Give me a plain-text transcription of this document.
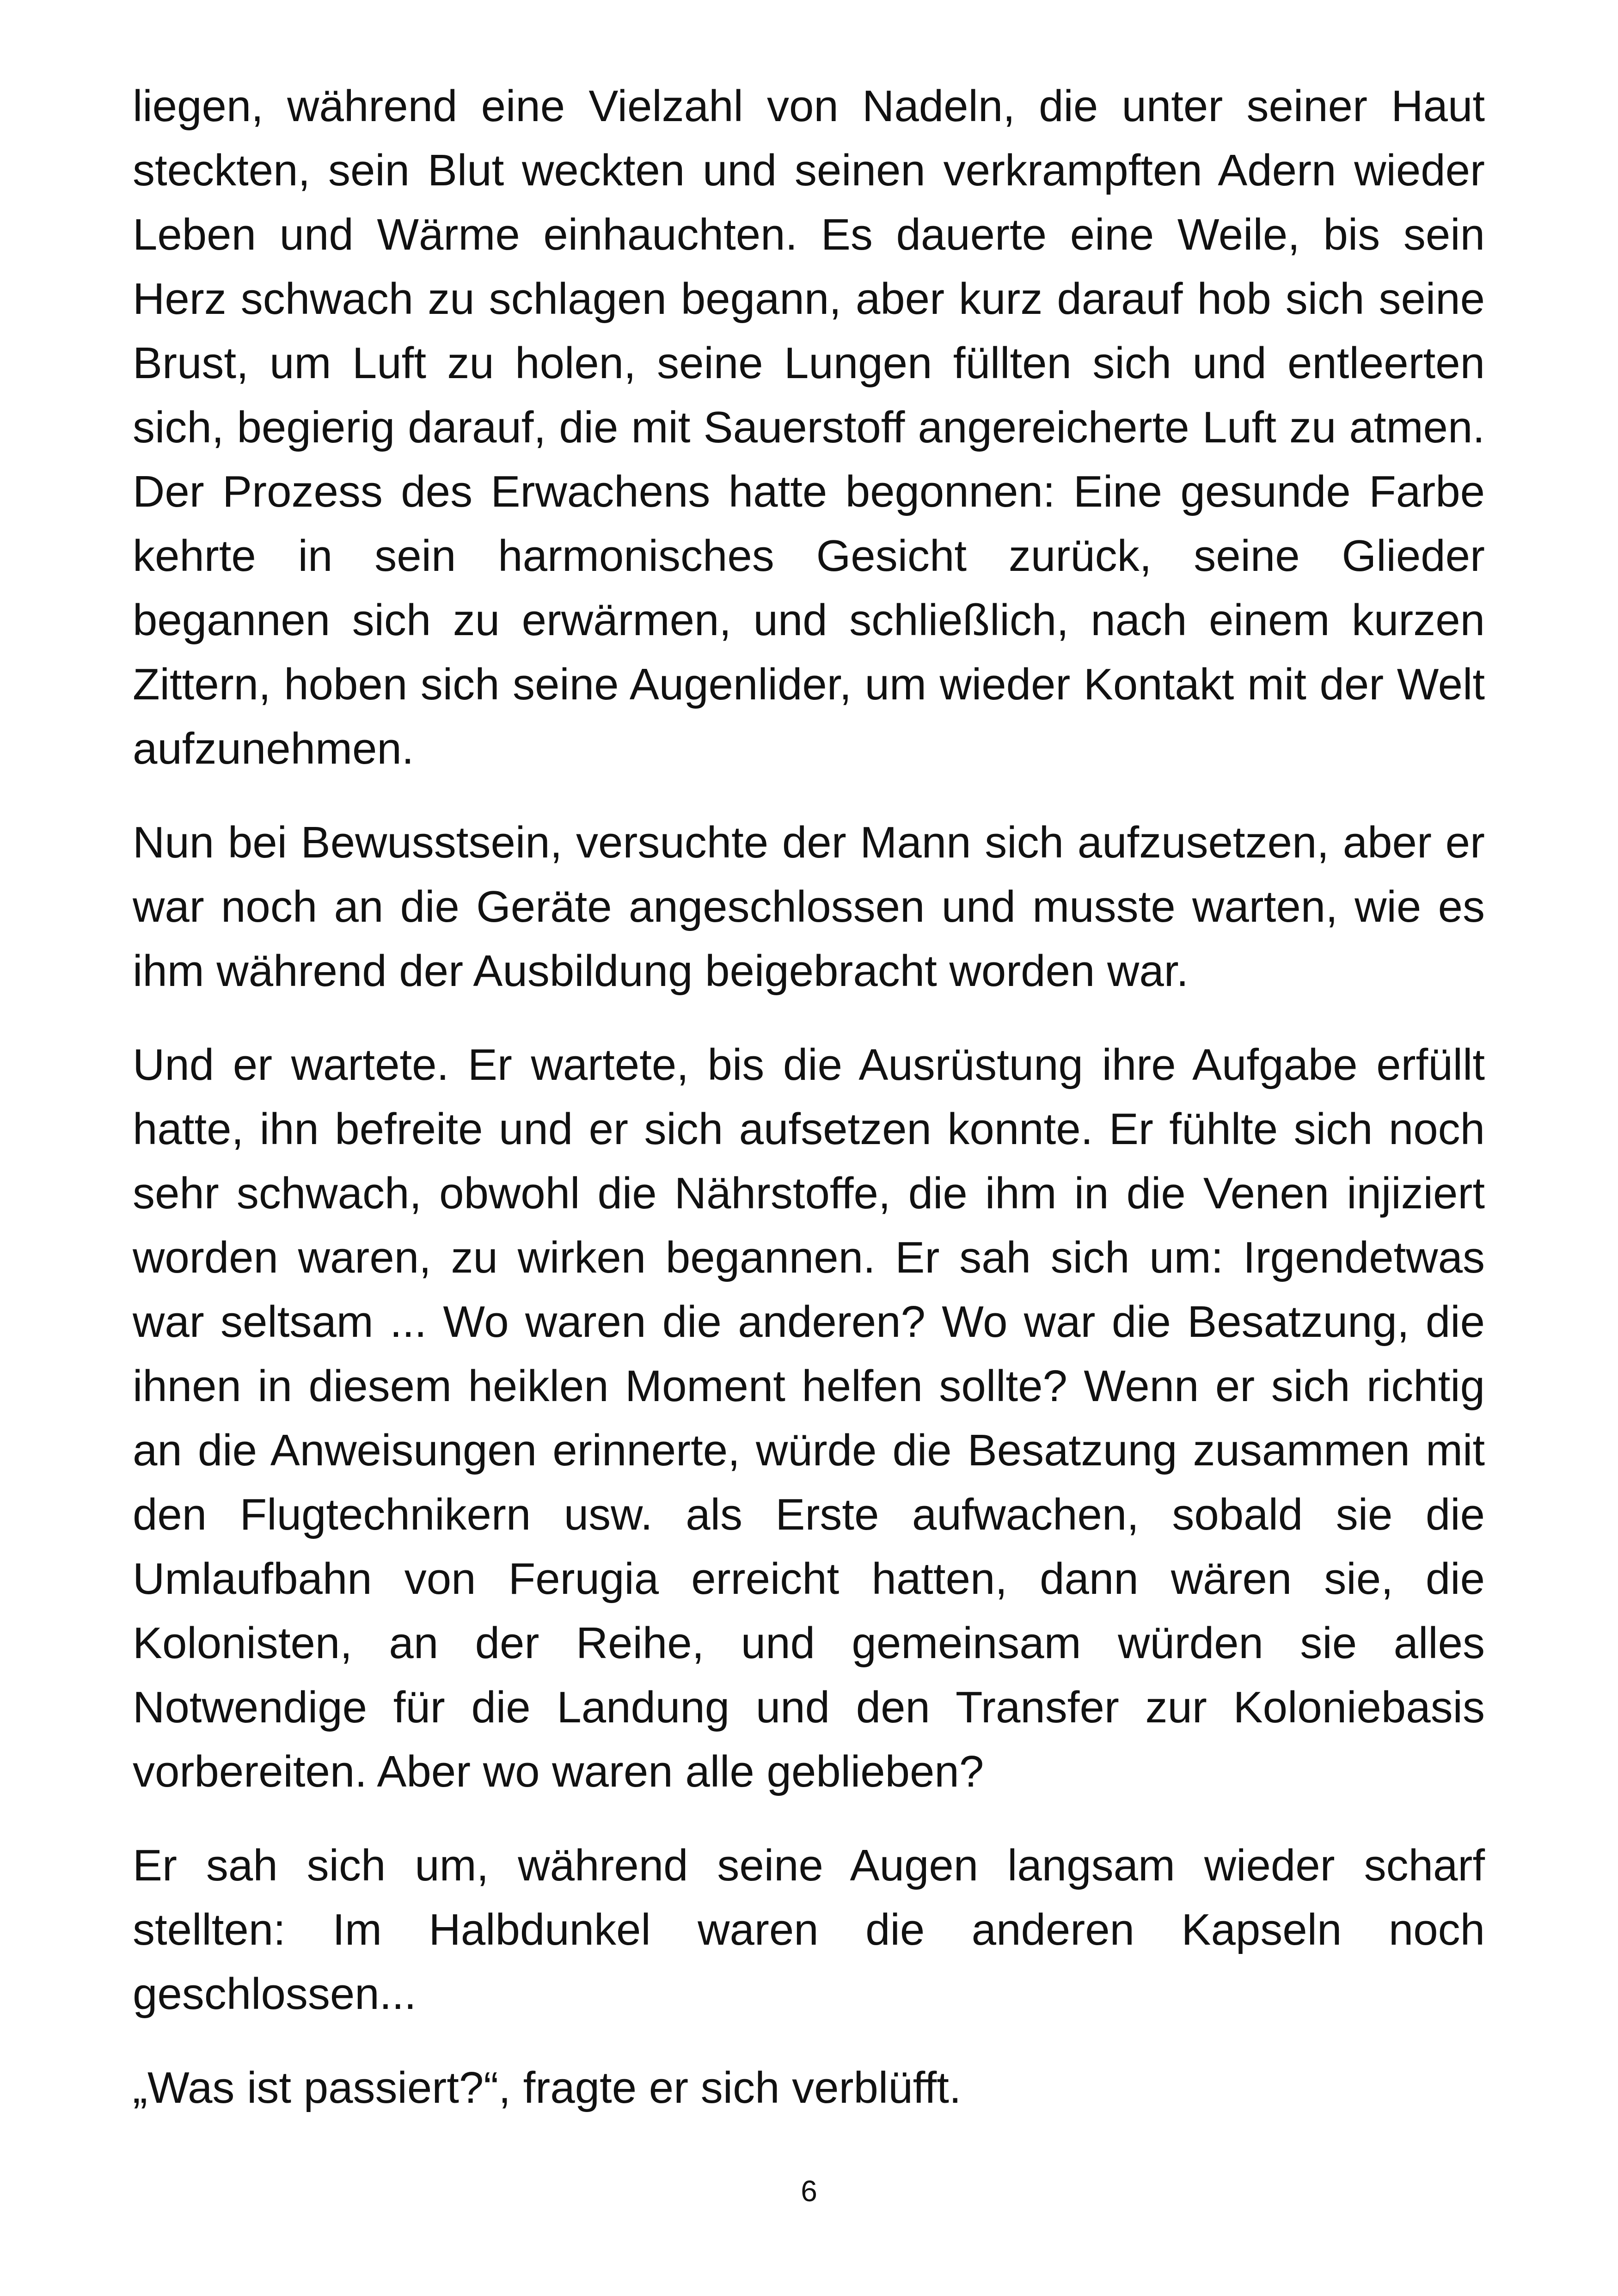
liegen, während eine Vielzahl von Nadeln, die unter seiner Haut steckten, sein Blut weckten und seinen verkrampften Adern wieder Leben und Wärme einhauchten. Es dauerte eine Weile, bis sein Herz schwach zu schlagen begann, aber kurz darauf hob sich seine Brust, um Luft zu holen, seine Lungen füllten sich und entleerten sich, begierig darauf, die mit Sauerstoff angereicherte Luft zu atmen. Der Prozess des Erwachens hatte begonnen: Eine gesunde Farbe kehrte in sein harmonisches Gesicht zurück, seine Glieder begannen sich zu erwärmen, und schließlich, nach einem kurzen Zittern, hoben sich seine Augenlider, um wieder Kontakt mit der Welt aufzunehmen.

Nun bei Bewusstsein, versuchte der Mann sich aufzusetzen, aber er war noch an die Geräte angeschlossen und musste warten, wie es ihm während der Ausbildung beigebracht worden war.

Und er wartete. Er wartete, bis die Ausrüstung ihre Aufgabe erfüllt hatte, ihn befreite und er sich aufsetzen konnte. Er fühlte sich noch sehr schwach, obwohl die Nährstoffe, die ihm in die Venen injiziert worden waren, zu wirken begannen. Er sah sich um: Irgendetwas war seltsam ... Wo waren die anderen? Wo war die Besatzung, die ihnen in diesem heiklen Moment helfen sollte? Wenn er sich richtig an die Anweisungen erinnerte, würde die Besatzung zusammen mit den Flugtechnikern usw. als Erste aufwachen, sobald sie die Umlaufbahn von Ferugia erreicht hatten, dann wären sie, die Kolonisten, an der Reihe, und gemeinsam würden sie alles Notwendige für die Landung und den Transfer zur Koloniebasis vorbereiten. Aber wo waren alle geblieben?

Er sah sich um, während seine Augen langsam wieder scharf stellten: Im Halbdunkel waren die anderen Kapseln noch geschlossen...

„Was ist passiert?“, fragte er sich verblüfft.

6
